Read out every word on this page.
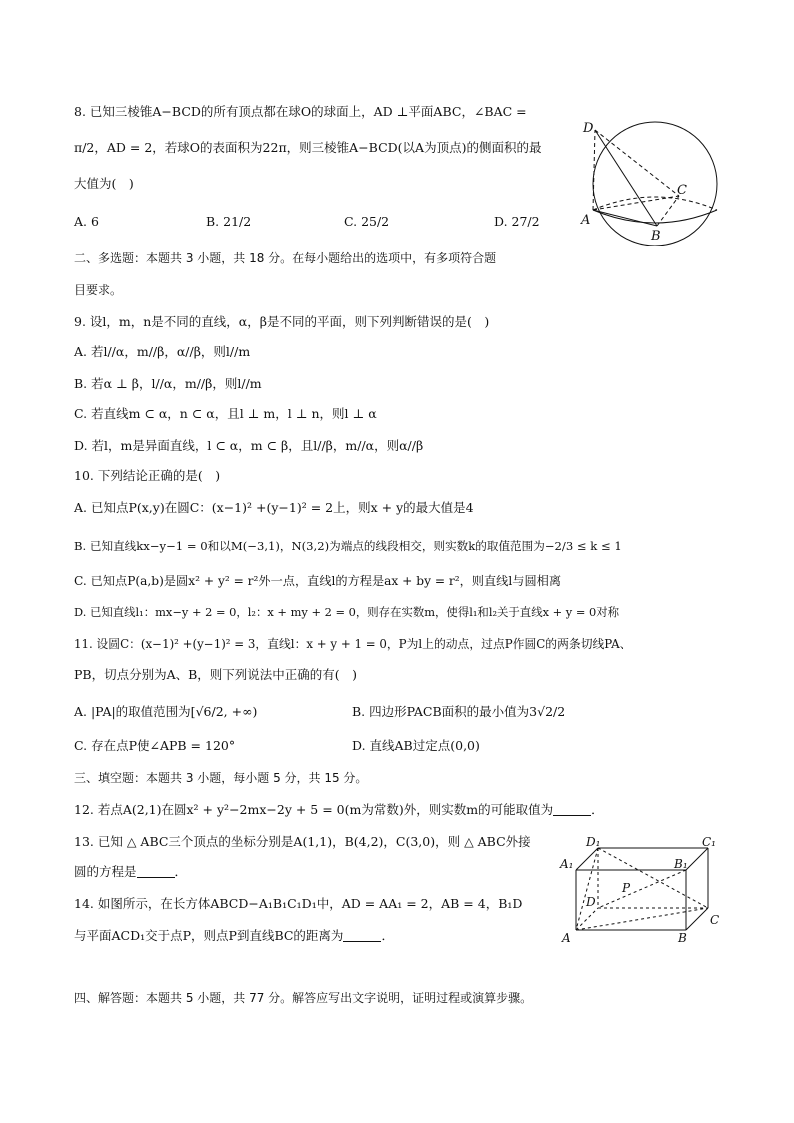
8. 已知三棱锥A−BCD的所有顶点都在球O的球面上，AD ⊥平面ABC，∠BAC =
π/2，AD = 2，若球O的表面积为22π，则三棱锥A−BCD(以A为顶点)的侧面积的最
大值为(　)
A. 6	B. 21/2	C. 25/2	D. 27/2
D
C
A
B
二、多选题：本题共 3 小题，共 18 分。在每小题给出的选项中，有多项符合题
目要求。
9. 设l，m，n是不同的直线，α，β是不同的平面，则下列判断错误的是(　)
A. 若l//α，m//β，α//β，则l//m
B. 若α ⊥ β，l//α，m//β，则l//m
C. 若直线m ⊂ α，n ⊂ α，且l ⊥ m，l ⊥ n，则l ⊥ α
D. 若l，m是异面直线，l ⊂ α，m ⊂ β，且l//β，m//α，则α//β
10. 下列结论正确的是(　)
A. 已知点P(x,y)在圆C：(x−1)² +(y−1)² = 2上，则x + y的最大值是4
B. 已知直线kx−y−1 = 0和以M(−3,1)，N(3,2)为端点的线段相交，则实数k的取值范围为−2/3 ≤ k ≤ 1
C. 已知点P(a,b)是圆x² + y² = r²外一点，直线l的方程是ax + by = r²，则直线l与圆相离
D. 已知直线l₁：mx−y + 2 = 0，l₂：x + my + 2 = 0，则存在实数m，使得l₁和l₂关于直线x + y = 0对称
11. 设圆C：(x−1)² +(y−1)² = 3，直线l：x + y + 1 = 0，P为l上的动点，过点P作圆C的两条切线PA、
PB，切点分别为A、B，则下列说法中正确的有(　)
A. |PA|的取值范围为[√6/2, +∞)	B. 四边形PACB面积的最小值为3√2/2
C. 存在点P使∠APB = 120°	D. 直线AB过定点(0,0)
三、填空题：本题共 3 小题，每小题 5 分，共 15 分。
12. 若点A(2,1)在圆x² + y²−2mx−2y + 5 = 0(m为常数)外，则实数m的可能取值为	．
13. 已知 △ ABC三个顶点的坐标分别是A(1,1)，B(4,2)，C(3,0)，则 △ ABC外接
圆的方程是	．
14. 如图所示，在长方体ABCD−A₁B₁C₁D₁中，AD = AA₁ = 2，AB = 4，B₁D
与平面ACD₁交于点P，则点P到直线BC的距离为	．
D₁	C₁
A₁	B₁
P
D
C
A	B
四、解答题：本题共 5 小题，共 77 分。解答应写出文字说明，证明过程或演算步骤。
